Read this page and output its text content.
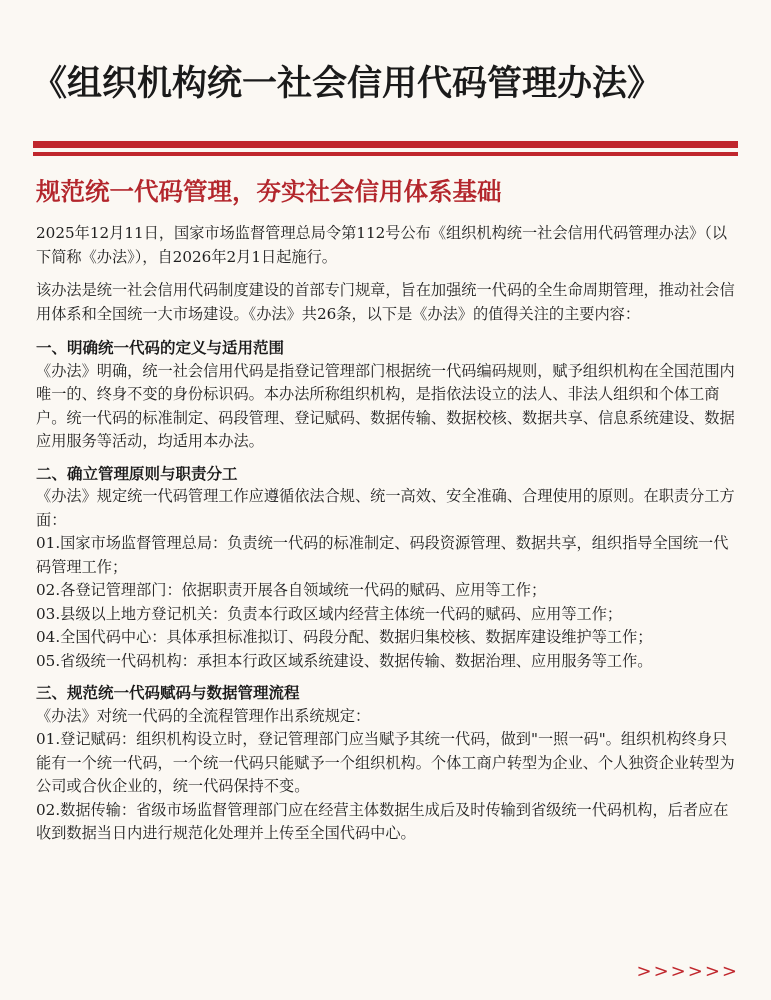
《组织机构统一社会信用代码管理办法》
规范统一代码管理，夯实社会信用体系基础

2025年12月11日，国家市场监督管理总局令第112号公布《组织机构统一社会信用代码管理办法》（以下简称《办法》），自2026年2月1日起施行。

该办法是统一社会信用代码制度建设的首部专门规章，旨在加强统一代码的全生命周期管理，推动社会信用体系和全国统一大市场建设。《办法》共26条，以下是《办法》的值得关注的主要内容：

一、明确统一代码的定义与适用范围

《办法》明确，统一社会信用代码是指登记管理部门根据统一代码编码规则，赋予组织机构在全国范围内唯一的、终身不变的身份标识码。本办法所称组织机构，是指依法设立的法人、非法人组织和个体工商户。统一代码的标准制定、码段管理、登记赋码、数据传输、数据校核、数据共享、信息系统建设、数据应用服务等活动，均适用本办法。

二、确立管理原则与职责分工

《办法》规定统一代码管理工作应遵循依法合规、统一高效、安全准确、合理使用的原则。在职责分工方面：

01.国家市场监督管理总局：负责统一代码的标准制定、码段资源管理、数据共享，组织指导全国统一代码管理工作；

02.各登记管理部门：依据职责开展各自领域统一代码的赋码、应用等工作；

03.县级以上地方登记机关：负责本行政区域内经营主体统一代码的赋码、应用等工作；

04.全国代码中心：具体承担标准拟订、码段分配、数据归集校核、数据库建设维护等工作；

05.省级统一代码机构：承担本行政区域系统建设、数据传输、数据治理、应用服务等工作。

三、规范统一代码赋码与数据管理流程

《办法》对统一代码的全流程管理作出系统规定：

01.登记赋码：组织机构设立时，登记管理部门应当赋予其统一代码，做到"一照一码"。组织机构终身只能有一个统一代码，一个统一代码只能赋予一个组织机构。个体工商户转型为企业、个人独资企业转型为公司或合伙企业的，统一代码保持不变。

02.数据传输：省级市场监督管理部门应在经营主体数据生成后及时传输到省级统一代码机构，后者应在收到数据当日内进行规范化处理并上传至全国代码中心。

>>>>>>
